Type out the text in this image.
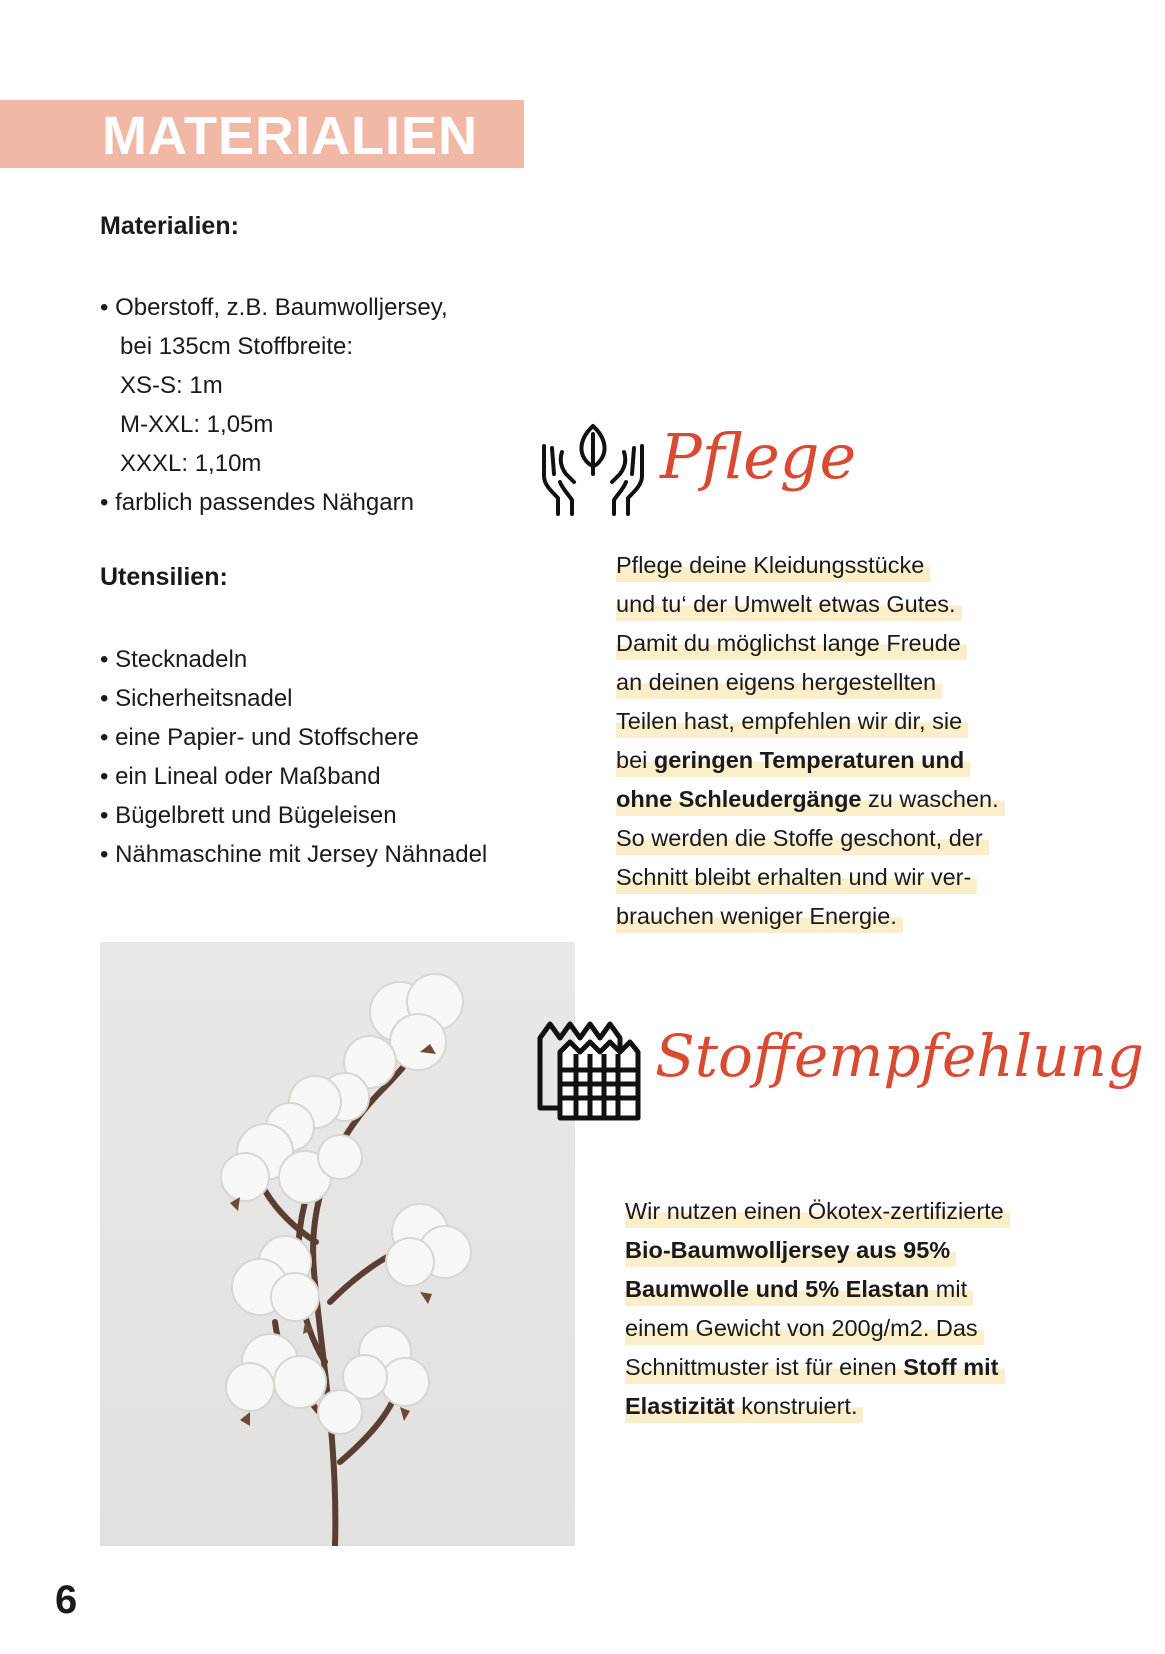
MATERIALIEN
Materialien:
• Oberstoff, z.B. Baumwolljersey,
bei 135cm Stoffbreite:
XS-S: 1m
M-XXL: 1,05m
XXXL: 1,10m
• farblich passendes Nähgarn
Utensilien:
• Stecknadeln
• Sicherheitsnadel
• eine Papier- und Stoffschere
• ein Lineal oder Maßband
• Bügelbrett und Bügeleisen
• Nähmaschine mit Jersey Nähnadel
Pflege
Pflege deine Kleidungsstücke
und tu‘ der Umwelt etwas Gutes.
Damit du möglichst lange Freude
an deinen eigens hergestellten
Teilen hast, empfehlen wir dir, sie
bei geringen Temperaturen und
ohne Schleudergänge zu waschen.
So werden die Stoffe geschont, der
Schnitt bleibt erhalten und wir ver-
brauchen weniger Energie.
Stoffempfehlung
Wir nutzen einen Ökotex-zertifizierte
Bio-Baumwolljersey aus 95%
Baumwolle und 5% Elastan mit
einem Gewicht von 200g/m2. Das
Schnittmuster ist für einen Stoff mit
Elastizität konstruiert.
6
